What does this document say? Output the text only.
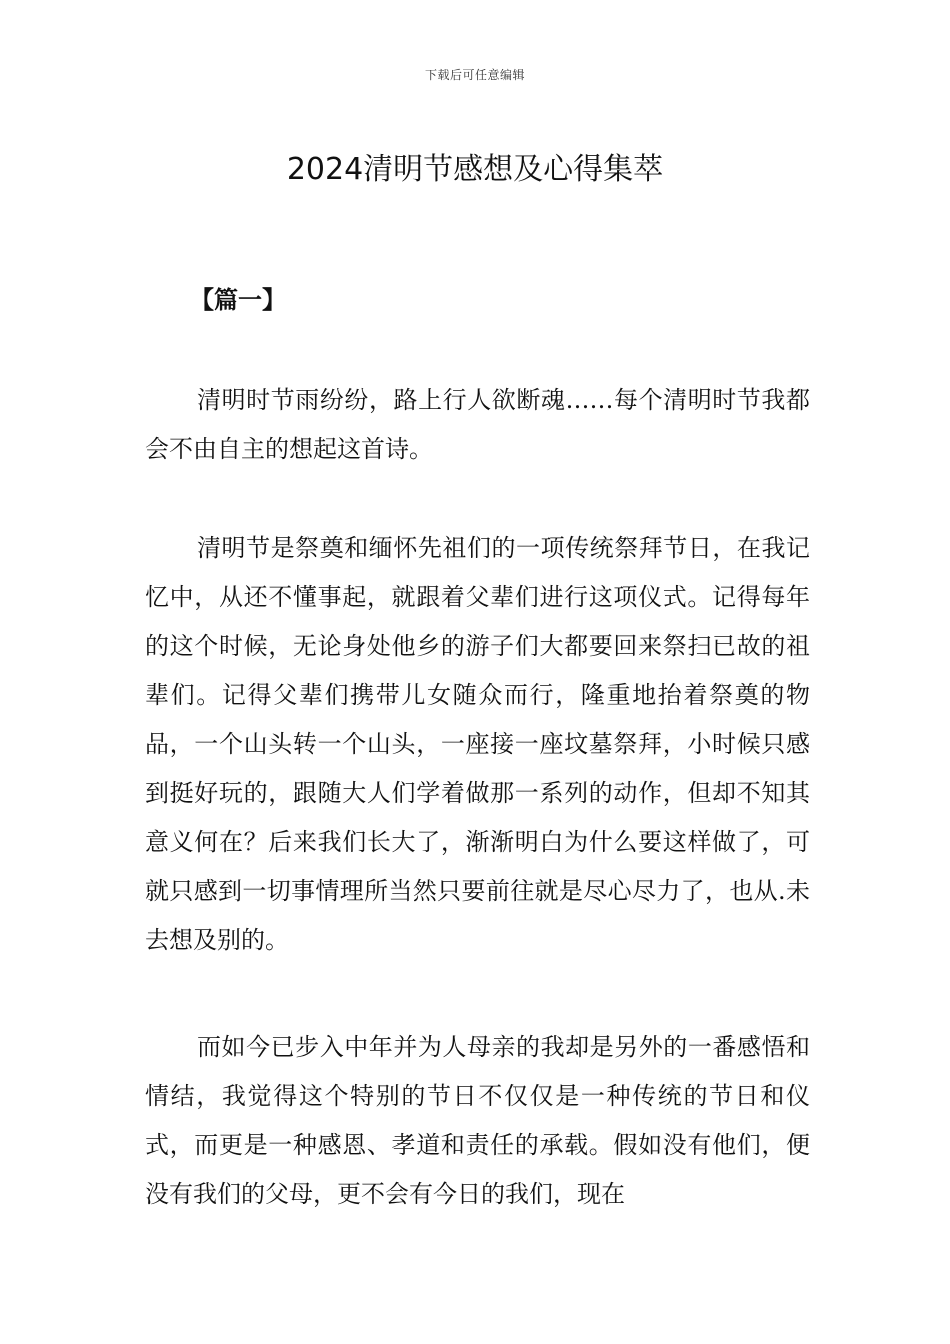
下载后可任意编辑
2024清明节感想及心得集萃
【篇一】

清明时节雨纷纷，路上行人欲断魂……每个清明时节我都会不由自主的想起这首诗。

清明节是祭奠和缅怀先祖们的一项传统祭拜节日，在我记忆中，从还不懂事起，就跟着父辈们进行这项仪式。记得每年的这个时候，无论身处他乡的游子们大都要回来祭扫已故的祖辈们。记得父辈们携带儿女随众而行，隆重地抬着祭奠的物品，一个山头转一个山头，一座接一座坟墓祭拜，小时候只感到挺好玩的，跟随大人们学着做那一系列的动作，但却不知其意义何在？后来我们长大了，渐渐明白为什么要这样做了，可就只感到一切事情理所当然只要前往就是尽心尽力了，也从.未去想及别的。

而如今已步入中年并为人母亲的我却是另外的一番感悟和情结，我觉得这个特别的节日不仅仅是一种传统的节日和仪式，而更是一种感恩、孝道和责任的承载。假如没有他们，便没有我们的父母，更不会有今日的我们，现在
